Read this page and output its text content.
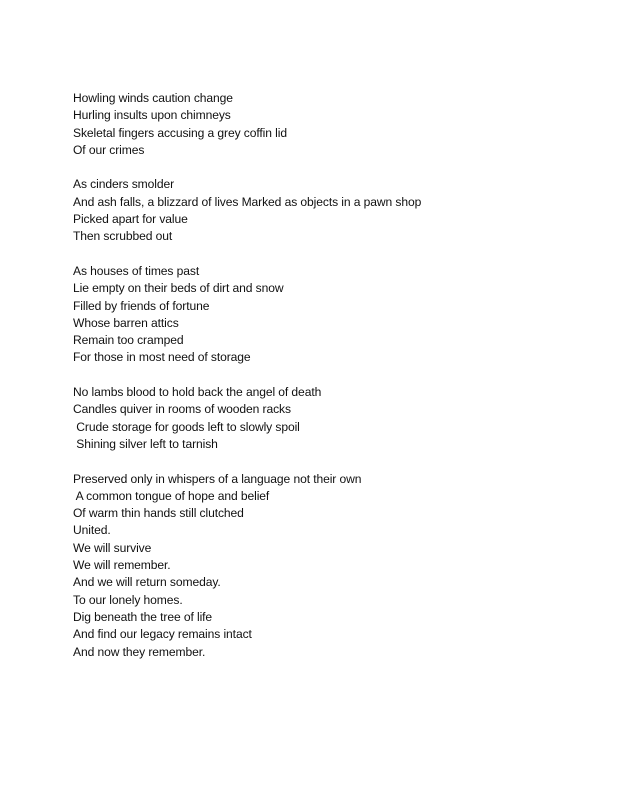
Howling winds caution change
Hurling insults upon chimneys
Skeletal fingers accusing a grey coffin lid
Of our crimes
As cinders smolder
And ash falls, a blizzard of lives Marked as objects in a pawn shop
Picked apart for value
Then scrubbed out
As houses of times past
Lie empty on their beds of dirt and snow
Filled by friends of fortune
Whose barren attics
Remain too cramped
For those in most need of storage
No lambs blood to hold back the angel of death
Candles quiver in rooms of wooden racks
Crude storage for goods left to slowly spoil
Shining silver left to tarnish
Preserved only in whispers of a language not their own
A common tongue of hope and belief
Of warm thin hands still clutched
United.
We will survive
We will remember.
And we will return someday.
To our lonely homes.
Dig beneath the tree of life
And find our legacy remains intact
And now they remember.
